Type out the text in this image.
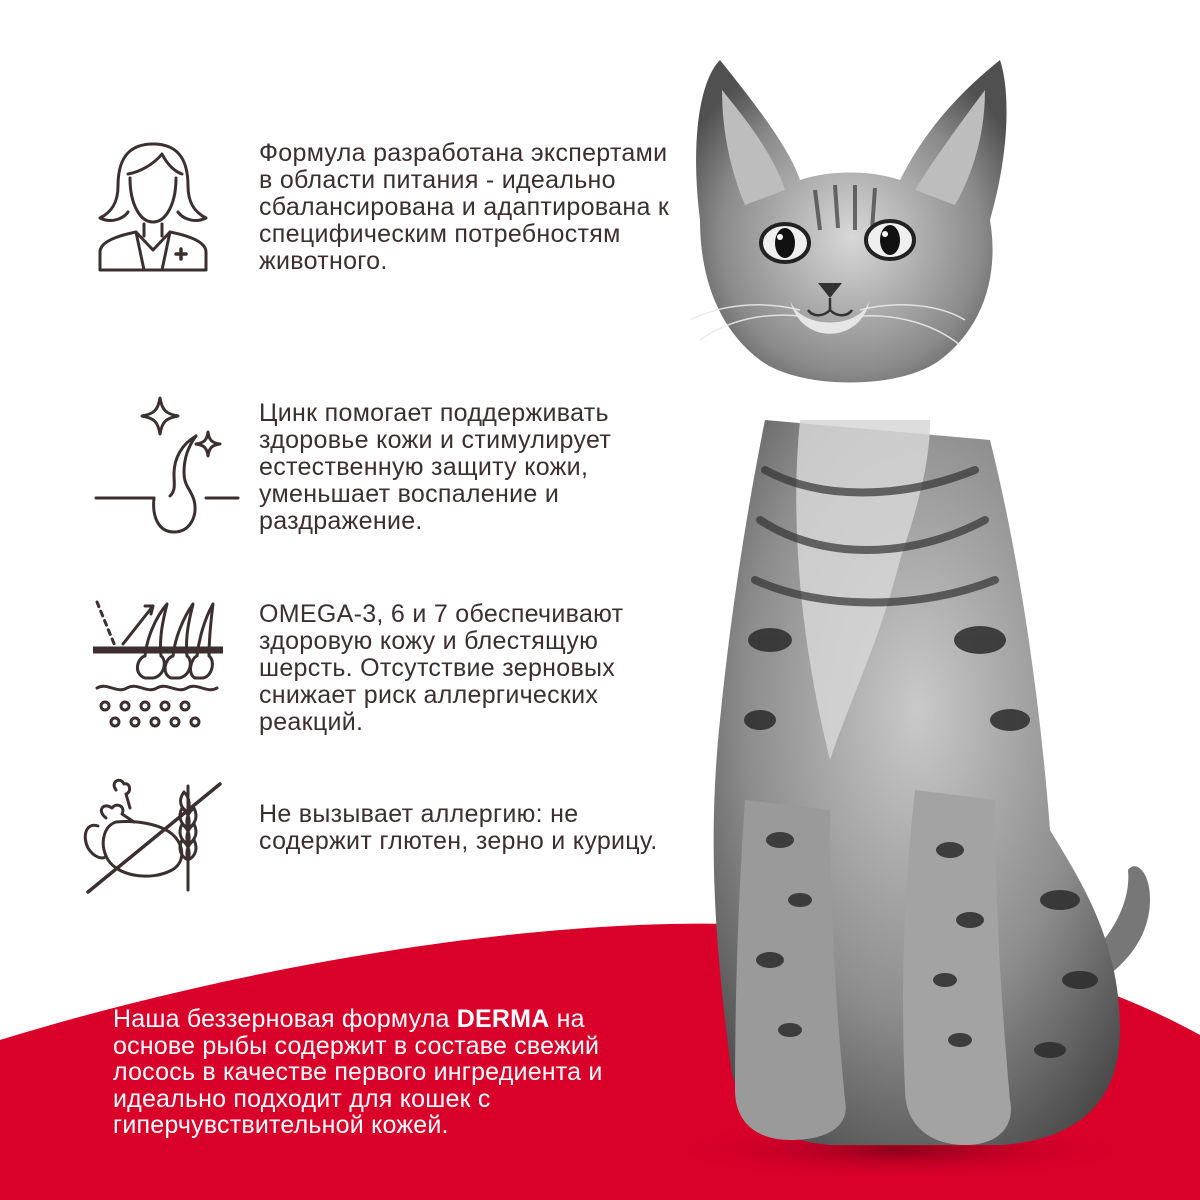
Формула разработана экспертами в области питания - идеально сбалансирована и адаптирована к специфическим потребностям животного.
Цинк помогает поддерживать здоровье кожи и стимулирует естественную защиту кожи, уменьшает воспаление и раздражение.
OMEGA-3, 6 и 7 обеспечивают здоровую кожу и блестящую шерсть. Отсутствие зерновых снижает риск аллергических реакций.
Не вызывает аллергию: не содержит глютен, зерно и курицу.
Наша беззерновая формула DERMA на основе рыбы содержит в составе свежий лосось в качестве первого ингредиента и идеально подходит для кошек с гиперчувствительной кожей.
